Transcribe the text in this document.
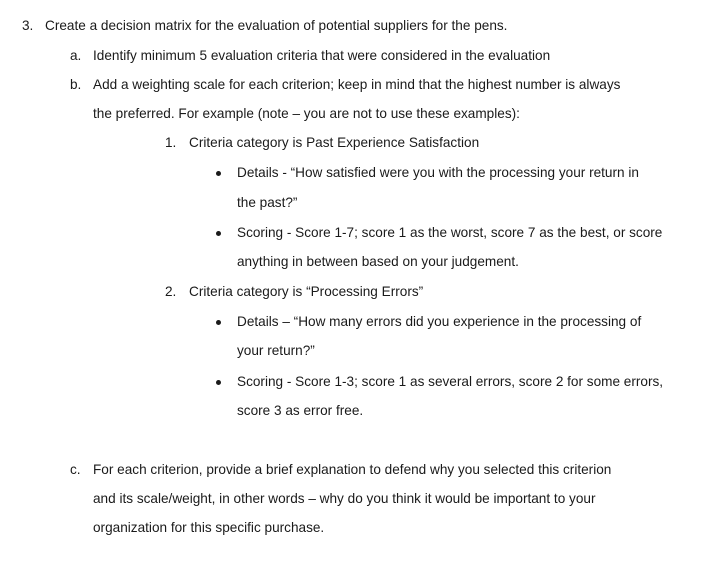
3. Create a decision matrix for the evaluation of potential suppliers for the pens.
a. Identify minimum 5 evaluation criteria that were considered in the evaluation
b. Add a weighting scale for each criterion; keep in mind that the highest number is always
the preferred. For example (note – you are not to use these examples):
1. Criteria category is Past Experience Satisfaction
Details - “How satisfied were you with the processing your return in
the past?”
Scoring - Score 1-7; score 1 as the worst, score 7 as the best, or score
anything in between based on your judgement.
2. Criteria category is “Processing Errors”
Details – “How many errors did you experience in the processing of
your return?”
Scoring - Score 1-3; score 1 as several errors, score 2 for some errors,
score 3 as error free.
c. For each criterion, provide a brief explanation to defend why you selected this criterion
and its scale/weight, in other words – why do you think it would be important to your
organization for this specific purchase.
